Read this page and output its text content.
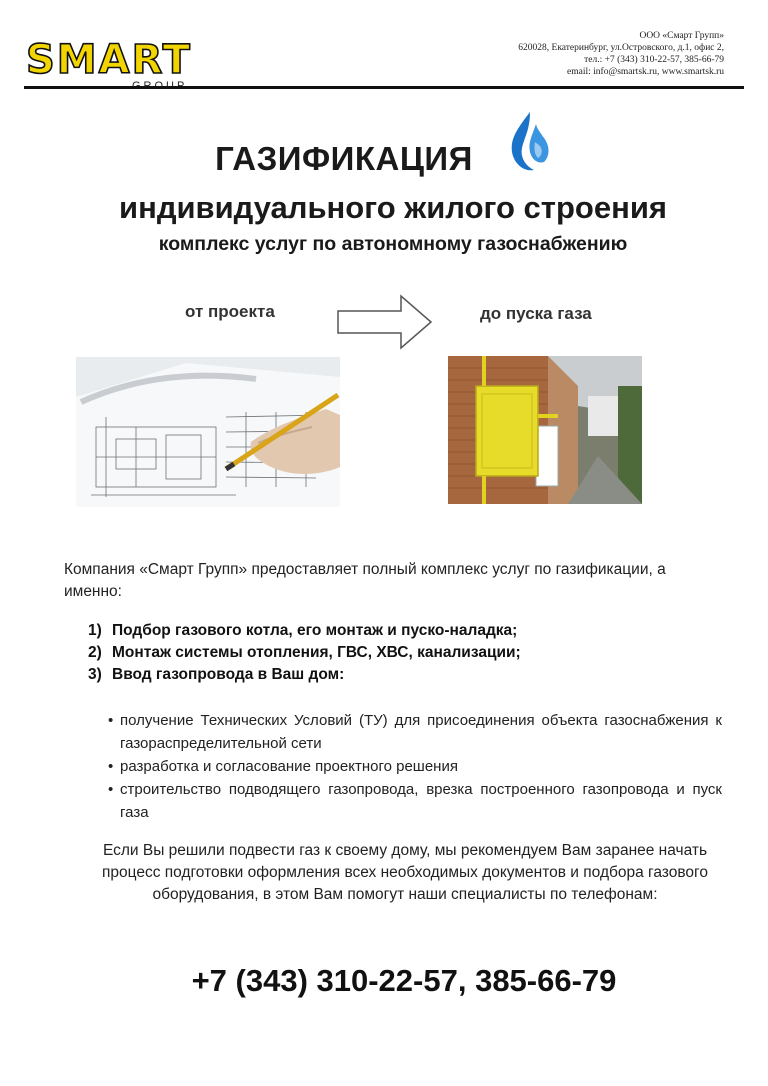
SMART
ООО «Смарт Групп»
620028, Екатеринбург, ул.Островского, д.1, офис 2,
тел.: +7 (343) 310-22-57, 385-66-79
email: info@smartsk.ru, www.smartsk.ru
ГАЗИФИКАЦИЯ
индивидуального жилого строения
комплекс услуг по автономному газоснабжению
от проекта	до пуска газа
Компания «Смарт Групп» предоставляет полный комплекс услуг по газификации, а именно:
1) Подбор газового котла, его монтаж и пуско-наладка;
2) Монтаж системы отопления, ГВС, ХВС, канализации;
3) Ввод газопровода в Ваш дом:
• получение Технических Условий (ТУ) для присоединения объекта газоснабжения к газораспределительной сети
• разработка и согласование проектного решения
• строительство подводящего газопровода, врезка построенного газопровода и пуск газа
Если Вы решили подвести газ к своему дому, мы рекомендуем Вам заранее начать процесс подготовки оформления всех необходимых документов и подбора газового оборудования, в этом Вам помогут наши специалисты по телефонам:
+7 (343) 310-22-57, 385-66-79
